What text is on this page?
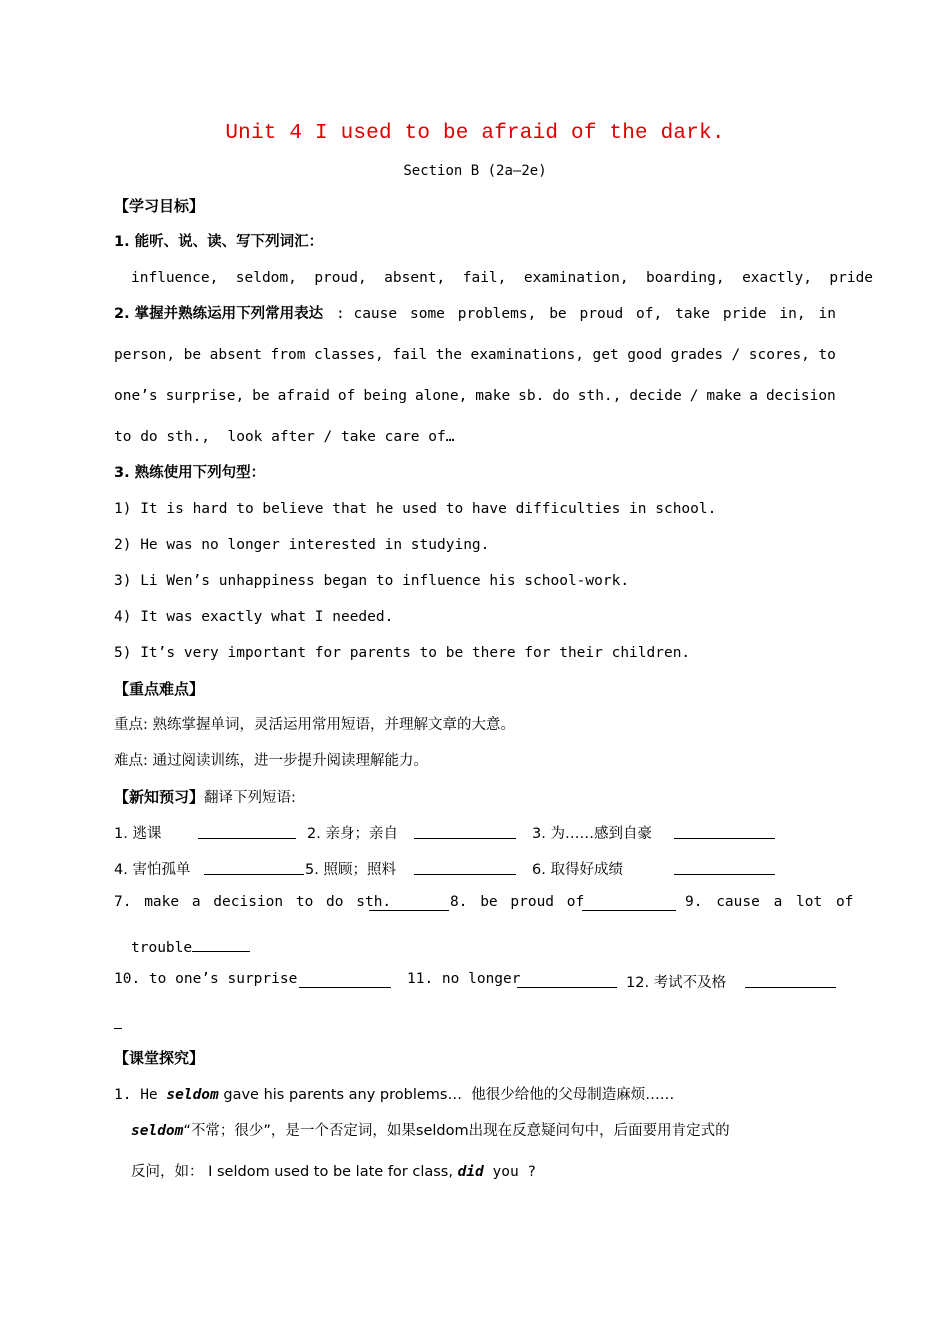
Unit 4 I used to be afraid of the dark.
Section B (2a—2e)
【学习目标】
1. 能听、说、读、写下列词汇：
influence,  seldom,  proud,  absent,  fail,  examination,  boarding,  exactly,  pride
2. 掌握并熟练运用下列常用表达 : cause some problems, be proud of, take pride in, in
person, be absent from classes, fail the examinations, get good grades / scores, to
one’s surprise, be afraid of being alone, make sb. do sth., decide / make a decision
to do sth.,  look after / take care of…
3. 熟练使用下列句型：
1) It is hard to believe that he used to have difficulties in school.
2) He was no longer interested in studying.
3) Li Wen’s unhappiness began to influence his school-work.
4) It was exactly what I needed.
5) It’s very important for parents to be there for their children.
【重点难点】
重点: 熟练掌握单词，灵活运用常用短语，并理解文章的大意。
难点: 通过阅读训练，进一步提升阅读理解能力。
【新知预习】翻译下列短语:
1. 逃课	2. 亲身；亲自	3. 为……感到自豪
4. 害怕孤单	5. 照顾；照料	6. 取得好成绩
7. make a decision to do sth.	8. be proud of	9. cause a lot of
trouble
10. to one’s surprise	11. no longer	12. 考试不及格
【课堂探究】
1. He seldom gave his parents any problems…  他很少给他的父母制造麻烦……
seldom“不常；很少”，是一个否定词，如果seldom出现在反意疑问句中，后面要用肯定式的
反问，如： I seldom used to be late for class, did you ?
